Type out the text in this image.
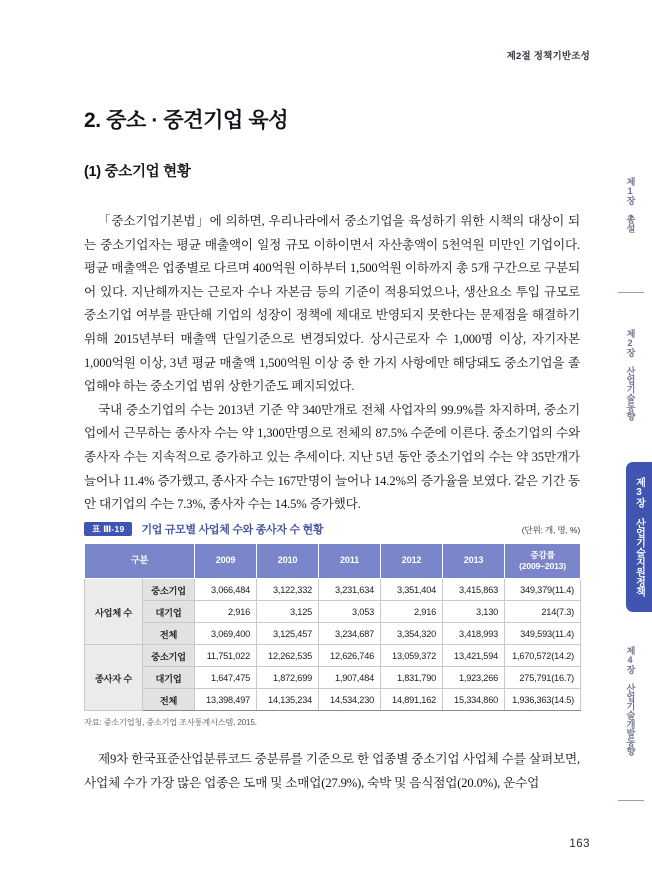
제2절 정책기반조성
2. 중소 · 중견기업 육성
(1) 중소기업 현황

「중소기업기본법」에 의하면, 우리나라에서 중소기업을 육성하기 위한 시책의 대상이 되는 중소기업자는 평균 매출액이 일정 규모 이하이면서 자산총액이 5천억원 미만인 기업이다. 평균 매출액은 업종별로 다르며 400억원 이하부터 1,500억원 이하까지 총 5개 구간으로 구분되어 있다. 지난해까지는 근로자 수나 자본금 등의 기준이 적용되었으나, 생산요소 투입 규모로 중소기업 여부를 판단해 기업의 성장이 정책에 제대로 반영되지 못한다는 문제점을 해결하기 위해 2015년부터 매출액 단일기준으로 변경되었다. 상시근로자 수 1,000명 이상, 자기자본 1,000억원 이상, 3년 평균 매출액 1,500억원 이상 중 한 가지 사항에만 해당돼도 중소기업을 졸업해야 하는 중소기업 범위 상한기준도 폐지되었다.

국내 중소기업의 수는 2013년 기준 약 340만개로 전체 사업자의 99.9%를 차지하며, 중소기업에서 근무하는 종사자 수는 약 1,300만명으로 전체의 87.5% 수준에 이른다. 중소기업의 수와 종사자 수는 지속적으로 증가하고 있는 추세이다. 지난 5년 동안 중소기업의 수는 약 35만개가 늘어나 11.4% 증가했고, 종사자 수는 167만명이 늘어나 14.2%의 증가율을 보였다. 같은 기간 동안 대기업의 수는 7.3%, 종사자 수는 14.5% 증가했다.

표 Ⅲ-19	기업 규모별 사업체 수와 종사자 수 현황	(단위: 개, 명, %)
구분		2009	2010	2011	2012	2013	증감률
(2009~2013)
사업체 수	중소기업	3,066,484	3,122,332	3,231,634	3,351,404	3,415,863	349,379(11.4)
	대기업	2,916	3,125	3,053	2,916	3,130	214(7.3)
	전체	3,069,400	3,125,457	3,234,687	3,354,320	3,418,993	349,593(11.4)
종사자 수	중소기업	11,751,022	12,262,535	12,626,746	13,059,372	13,421,594	1,670,572(14.2)
	대기업	1,647,475	1,872,699	1,907,484	1,831,790	1,923,266	275,791(16.7)
	전체	13,398,497	14,135,234	14,534,230	14,891,162	15,334,860	1,936,363(14.5)
자료: 중소기업청, 중소기업 조사통계시스템, 2015.

제9차 한국표준산업분류코드 중분류를 기준으로 한 업종별 중소기업 사업체 수를 살펴보면, 사업체 수가 가장 많은 업종은 도매 및 소매업(27.9%), 숙박 및 음식점업(20.0%), 운수업

제1장 총설
제2장 산업기술동향
제3장 산업기술지원정책
제4장 산업기술개발동향
163
